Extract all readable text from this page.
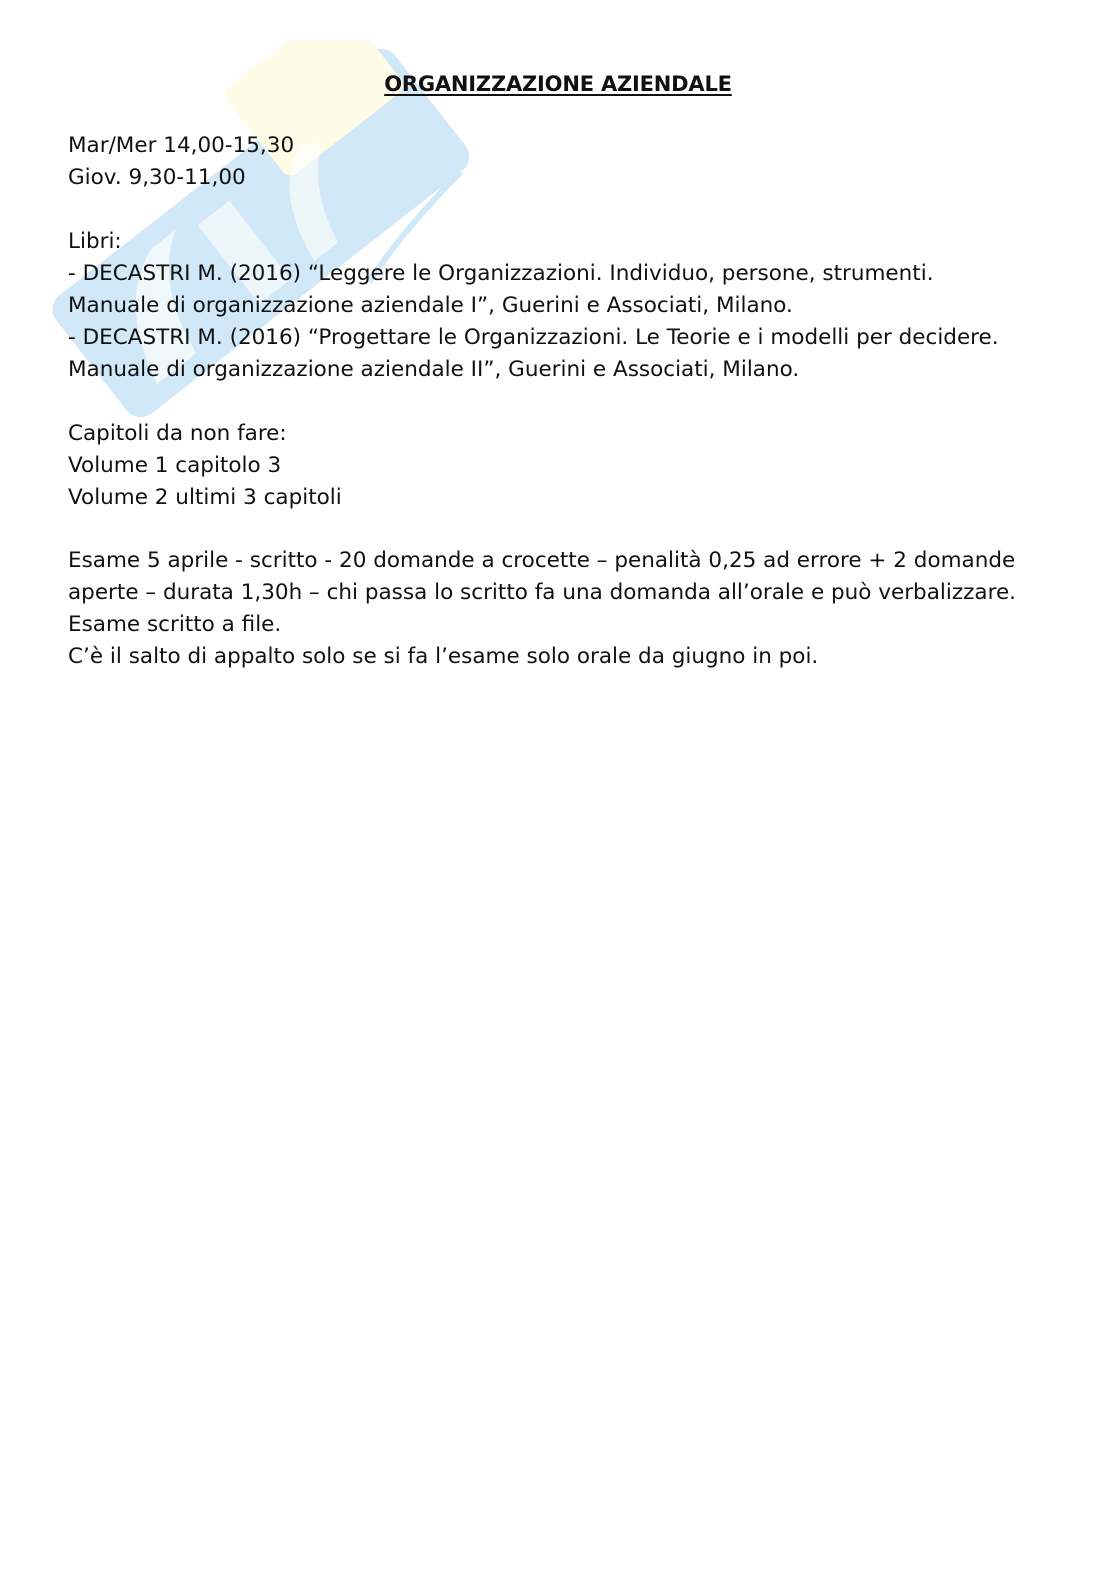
ORGANIZZAZIONE AZIENDALE
Mar/Mer 14,00-15,30
Giov. 9,30-11,00
Libri:
- DECASTRI M. (2016) “Leggere le Organizzazioni. Individuo, persone, strumenti.
Manuale di organizzazione aziendale I”, Guerini e Associati, Milano.
- DECASTRI M. (2016) “Progettare le Organizzazioni. Le Teorie e i modelli per decidere.
Manuale di organizzazione aziendale II”, Guerini e Associati, Milano.
Capitoli da non fare:
Volume 1 capitolo 3
Volume 2 ultimi 3 capitoli
Esame 5 aprile - scritto - 20 domande a crocette – penalità 0,25 ad errore + 2 domande
aperte – durata 1,30h – chi passa lo scritto fa una domanda all’orale e può verbalizzare.
Esame scritto a file.
C’è il salto di appalto solo se si fa l’esame solo orale da giugno in poi.
